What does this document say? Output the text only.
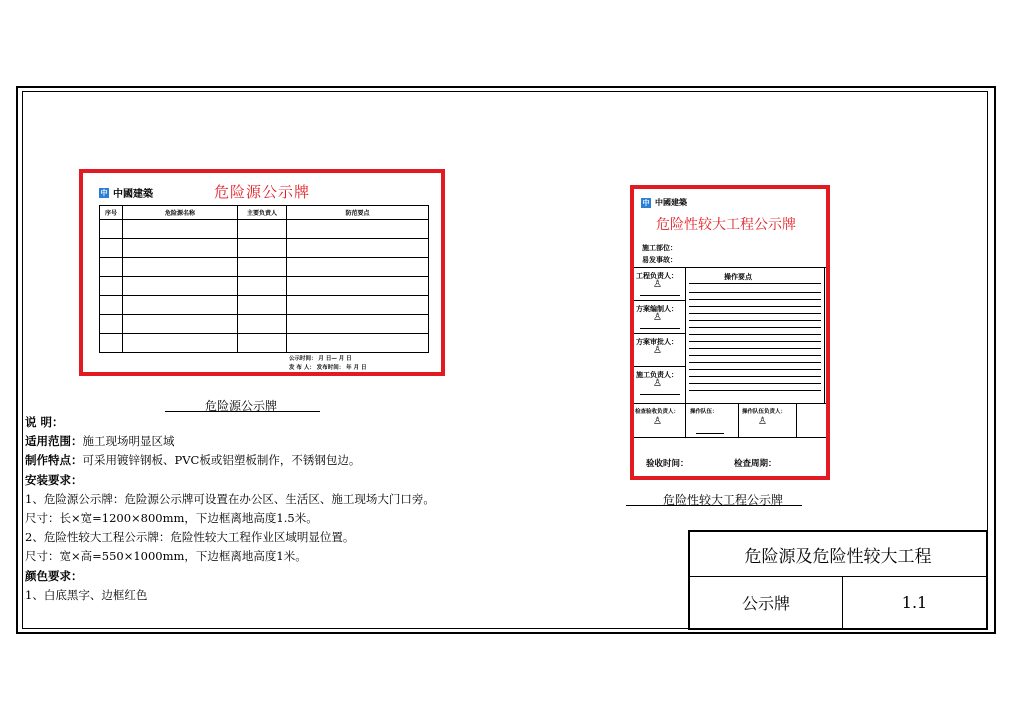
中 中國建築	危险源公示牌
序号	危险源名称	主要负责人	防范要点

公示时间： 月 日— 月 日
发 布 人： 发布时间： 年 月 日
危险源公示牌
中 中國建築
危险性较大工程公示牌
施工部位：
易发事故：
操作要点
工程负责人：
♙
方案编制人：
♙
方案审批人：
♙
施工负责人：
♙
检查验收负责人：
♙
操作队伍：	操作队伍负责人：
♙
验收时间：	检查周期：
危险性较大工程公示牌
说 明：
适用范围：施工现场明显区域
制作特点：可采用镀锌钢板、PVC板或铝塑板制作，不锈钢包边。
安装要求：
1、危险源公示牌：危险源公示牌可设置在办公区、生活区、施工现场大门口旁。
尺寸：长×宽=1200×800mm，下边框离地高度1.5米。
2、危险性较大工程公示牌：危险性较大工程作业区域明显位置。
尺寸：宽×高=550×1000mm，下边框离地高度1米。
颜色要求：
1、白底黑字、边框红色
危险源及危险性较大工程
公示牌	1.1
